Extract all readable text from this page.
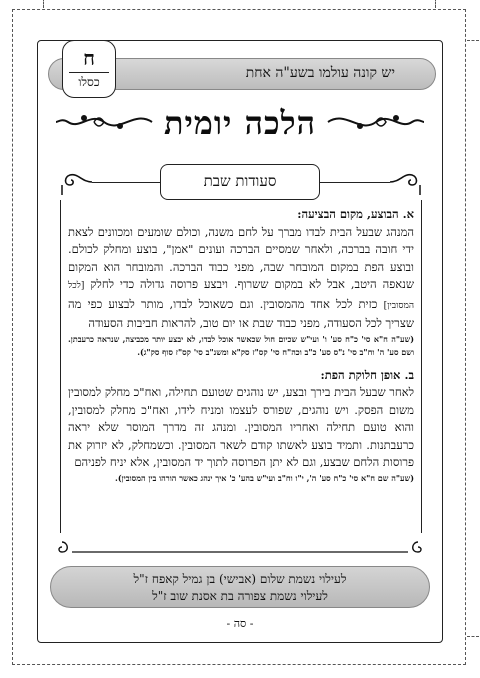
יש קונה עולמו בשע"ה אחת
ח
כסלו
הלכה יומית
סעודות שבת

א. הבוצע, מקום הבציעה:

המנהג שבעל הבית לבדו מברך על לחם משנה, וכולם שומעים ומכוונים לצאת ידי חובה בברכה, ולאחר שמסיים הברכה ועונים "אמן", בוצע ומחלק לכולם. ובוצע הפת במקום המובחר שבה, מפני כבוד הברכה. והמובחר הוא המקום שנאפה היטב, אבל לא במקום ששרוף. ויבצע פרוסה גדולה כדי לחלק [לכל המסובין] כזית לכל אחד מהמסובין. וגם כשאוכל לבדו, מותר לבצוע כפי מה שצריך לכל הסעודה, מפני כבוד שבת או יום טוב, להראות חביבות הסעודה

(שע"ה ח"א סי' כ"ח סע' ו' ועי"ש שכיום חול שכאשר אוכל לבדו, לא יבצע יותר מכביצה, שנראה כרעבתן. ושם סע' ה' וח"ב סי' נ"ס סע' כ"ב וכה"ח סי' קס"ז סק"א ומשנ"ב סי' קס"ז סוף סק"ג).

ב. אופן חלוקת הפת:

לאחר שבעל הבית בירך ובצע, יש נוהגים שטועם תחילה, ואח"כ מחלק למסובין משום הפסק. ויש נוהגים, שפורס לעצמו ומניח לידו, ואח"כ מחלק למסובין, והוא טועם תחילה ואחריו המסובין. ומנהג זה מדרך המוסר שלא יראה כרעבתנות. ותמיד בוצע לאשתו קודם לשאר המסובין. וכשמחלק, לא יזרוק את פרוסות הלחם שבצע, וגם לא יתן הפרוסה לתוך יד המסובין, אלא יניח לפניהם

(שע"ה שם ח"א סי' כ"ח סע' ה', י"ו וח"ב ועי"ש בהע' כ' איך ינהג כאשר הורהו בין המסובין).

לעילוי נשמת שלום (אבישי) בן גמיל קאפח ז"ל
לעילוי נשמת צפורה בת אסנת שוב ז"ל
- סה -
